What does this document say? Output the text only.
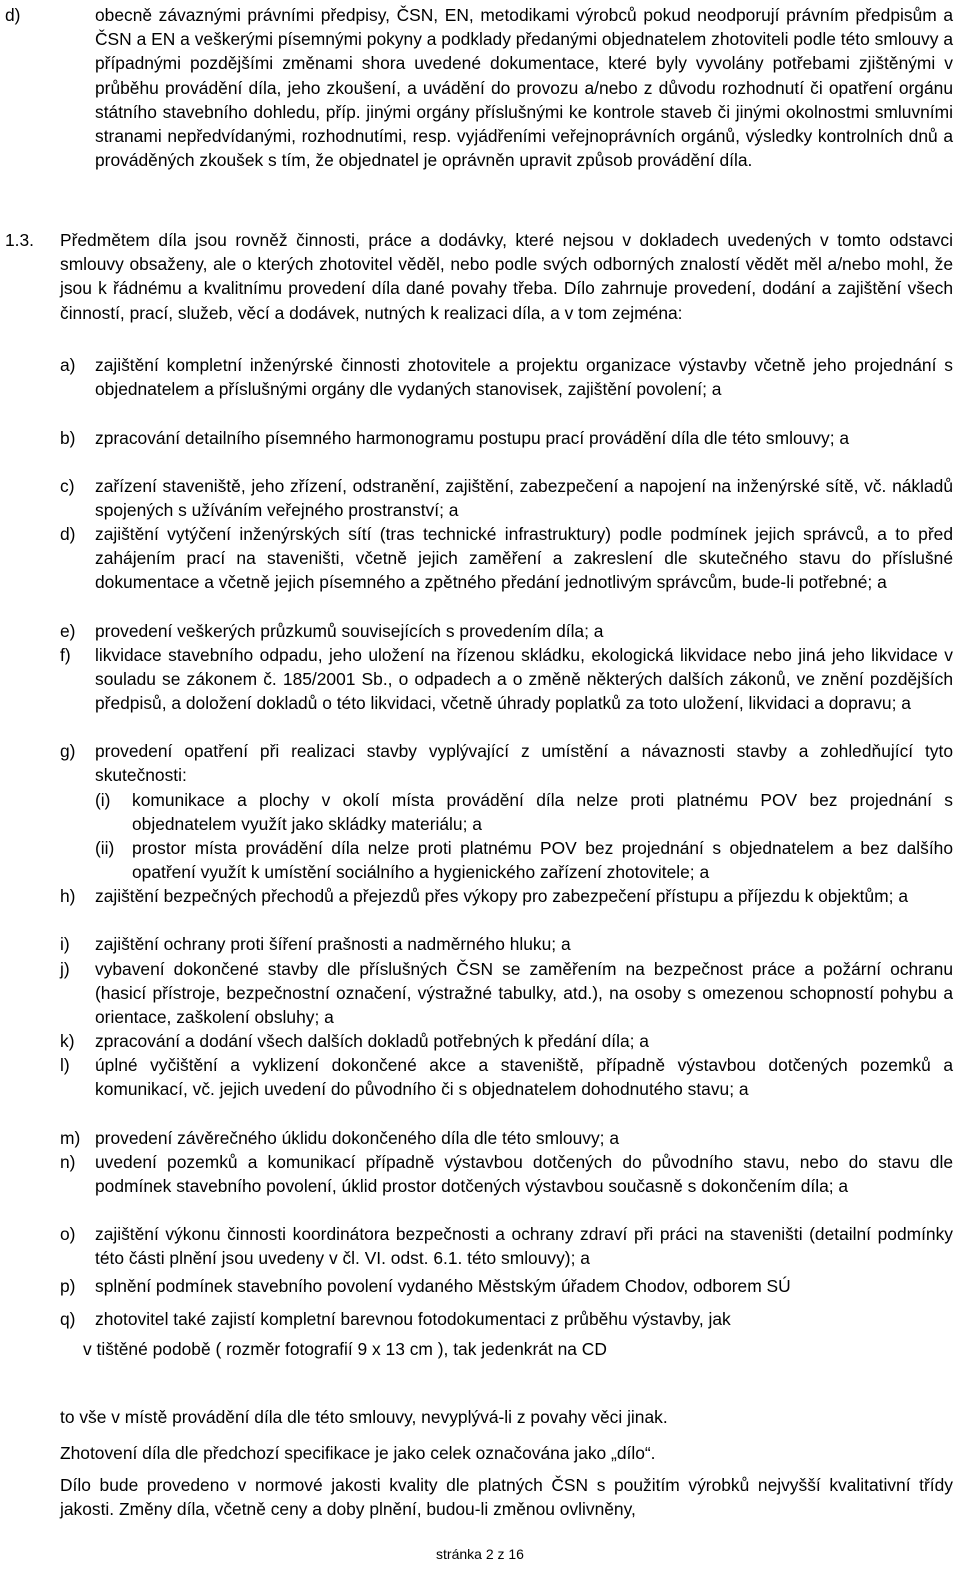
d)	obecně závaznými právními předpisy, ČSN, EN, metodikami výrobců pokud neodporují právním předpisům a ČSN a EN a veškerými písemnými pokyny a podklady předanými objednatelem zhotoviteli podle této smlouvy a případnými pozdějšími změnami shora uvedené dokumentace, které byly vyvolány potřebami zjištěnými v průběhu provádění díla, jeho zkoušení, a uvádění do provozu a/nebo z důvodu rozhodnutí či opatření orgánu státního stavebního dohledu, příp. jinými orgány příslušnými ke kontrole staveb či jinými okolnostmi smluvními stranami nepředvídanými, rozhodnutími, resp. vyjádřeními veřejnoprávních orgánů, výsledky kontrolních dnů a prováděných zkoušek s tím, že objednatel je oprávněn upravit způsob provádění díla.
1.3.	Předmětem díla jsou rovněž činnosti, práce a dodávky, které nejsou v dokladech uvedených v tomto odstavci smlouvy obsaženy, ale o kterých zhotovitel věděl, nebo podle svých odborných znalostí vědět měl a/nebo mohl, že jsou k řádnému a kvalitnímu provedení díla dané povahy třeba. Dílo zahrnuje provedení, dodání a zajištění všech činností, prací, služeb, věcí a dodávek, nutných k realizaci díla, a v tom zejména:
a)	zajištění kompletní inženýrské činnosti zhotovitele a projektu organizace výstavby včetně jeho projednání s objednatelem a příslušnými orgány dle vydaných stanovisek, zajištění povolení; a
b)	zpracování detailního písemného harmonogramu postupu prací provádění díla dle této smlouvy; a
c)	zařízení staveniště, jeho zřízení, odstranění, zajištění, zabezpečení a napojení na inženýrské sítě, vč. nákladů spojených s užíváním veřejného prostranství; a
d)	zajištění vytýčení inženýrských sítí (tras technické infrastruktury) podle podmínek jejich správců, a to před zahájením prací na staveništi, včetně jejich zaměření a zakreslení dle skutečného stavu do příslušné dokumentace a včetně jejich písemného a zpětného předání jednotlivým správcům, bude-li potřebné; a
e)	provedení veškerých průzkumů souvisejících s provedením díla; a
f)	likvidace stavebního odpadu, jeho uložení na řízenou skládku, ekologická likvidace nebo jiná jeho likvidace v souladu se zákonem č. 185/2001 Sb., o odpadech a o změně některých dalších zákonů, ve znění pozdějších předpisů, a doložení dokladů o této likvidaci, včetně úhrady poplatků za toto uložení, likvidaci a dopravu; a
g)	provedení opatření při realizaci stavby vyplývající z umístění a návaznosti stavby a zohledňující tyto skutečnosti:
(i)	komunikace a plochy v okolí místa provádění díla nelze proti platnému POV bez projednání s objednatelem využít jako skládky materiálu; a
(ii)	prostor místa provádění díla nelze proti platnému POV bez projednání s objednatelem a bez dalšího opatření využít k umístění sociálního a hygienického zařízení zhotovitele; a
h)	zajištění bezpečných přechodů a přejezdů přes výkopy pro zabezpečení přístupu a příjezdu k objektům; a
i)	zajištění ochrany proti šíření prašnosti a nadměrného hluku; a
j)	vybavení dokončené stavby dle příslušných ČSN se zaměřením na bezpečnost práce a požární ochranu (hasicí přístroje, bezpečnostní označení, výstražné tabulky, atd.), na osoby s omezenou schopností pohybu a orientace, zaškolení obsluhy; a
k)	zpracování a dodání všech dalších dokladů potřebných k předání díla; a
l)	úplné vyčištění a vyklizení dokončené akce a staveniště, případně výstavbou dotčených pozemků a komunikací, vč. jejich uvedení do původního či s objednatelem dohodnutého stavu; a
m) provedení závěrečného úklidu dokončeného díla dle této smlouvy; a
n)	uvedení pozemků a komunikací případně výstavbou dotčených do původního stavu, nebo do stavu dle podmínek stavebního povolení, úklid prostor dotčených výstavbou současně s dokončením díla; a
o)	zajištění výkonu činnosti koordinátora bezpečnosti a ochrany zdraví při práci na staveništi (detailní podmínky této části plnění jsou uvedeny v čl. VI. odst. 6.1. této smlouvy); a
p)	splnění podmínek stavebního povolení vydaného Městským úřadem Chodov, odborem SÚ
q)	zhotovitel také zajistí kompletní barevnou fotodokumentaci z průběhu výstavby, jak
v tištěné podobě ( rozměr fotografií 9 x 13 cm ), tak jedenkrát na CD
to vše v místě provádění díla dle této smlouvy, nevyplývá-li z povahy věci jinak.
Zhotovení díla dle předchozí specifikace je jako celek označována jako „dílo“.
Dílo bude provedeno v normové jakosti kvality dle platných ČSN s použitím výrobků nejvyšší kvalitativní třídy jakosti. Změny díla, včetně ceny a doby plnění, budou-li změnou ovlivněny,
stránka 2 z 16
